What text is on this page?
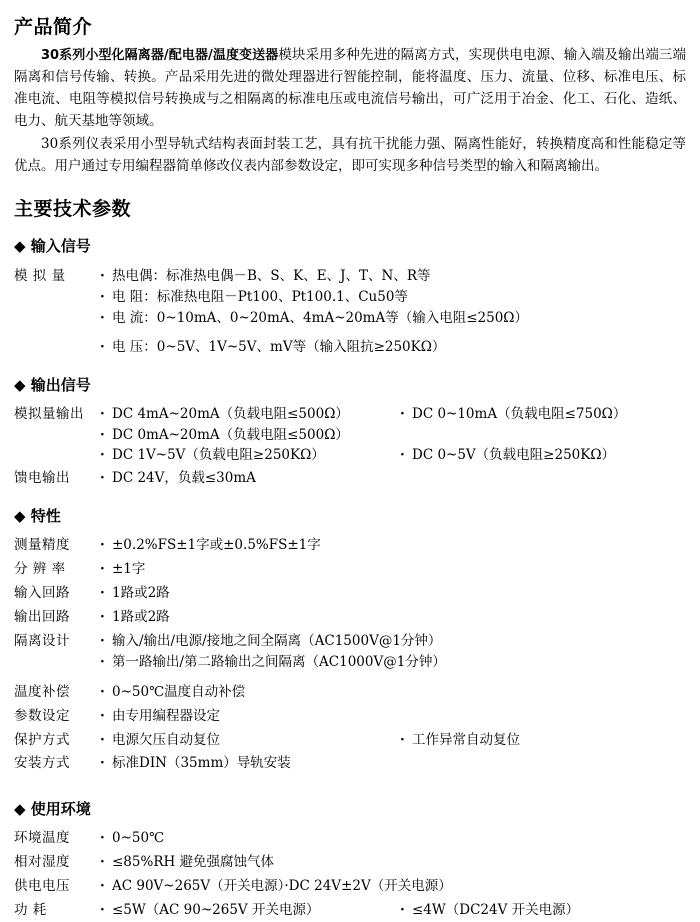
产品简介

30系列小型化隔离器/配电器/温度变送器模块采用多种先进的隔离方式，实现供电电源、输入端及输出端三端隔离和信号传输、转换。产品采用先进的微处理器进行智能控制，能将温度、压力、流量、位移、标准电压、标准电流、电阻等模拟信号转换成与之相隔离的标准电压或电流信号输出，可广泛用于冶金、化工、石化、造纸、电力、航天基地等领域。

30系列仪表采用小型导轨式结构表面封装工艺，具有抗干扰能力强、隔离性能好，转换精度高和性能稳定等优点。用户通过专用编程器简单修改仪表内部参数设定，即可实现多种信号类型的输入和隔离输出。

主要技术参数
◆ 输入信号
模 拟 量	· 热电偶：标准热电偶－B、S、K、E、J、T、N、R等
· 电 阻：标准热电阻－Pt100、Pt100.1、Cu50等
· 电 流：0~10mA、0~20mA、4mA~20mA等（输入电阻≤250Ω）

	· 电 压：0~5V、1V~5V、mV等（输入阻抗≥250KΩ）
◆ 输出信号
模拟量输出	· DC 4mA~20mA（负载电阻≤500Ω） · DC 0~10mA（负载电阻≤750Ω）
· DC 0mA~20mA（负载电阻≤500Ω）
· DC 1V~5V（负载电阻≥250KΩ） · DC 0~5V（负载电阻≥250KΩ）

馈电输出	· DC 24V，负载≤30mA
◆ 特性
测量精度	· ±0.2%FS±1字或±0.5%FS±1字

分 辨 率	· ±1字

输入回路	· 1路或2路

输出回路	· 1路或2路

隔离设计	· 输入/输出/电源/接地之间全隔离（AC1500V@1分钟）
· 第一路输出/第二路输出之间隔离（AC1000V@1分钟）

温度补偿	· 0~50℃温度自动补偿

参数设定	· 由专用编程器设定

保护方式	· 电源欠压自动复位 · 工作异常自动复位

安装方式	· 标准DIN（35mm）导轨安装
◆ 使用环境
环境温度	· 0~50℃

相对湿度	· ≤85%RH 避免强腐蚀气体

供电电压	· AC 90V~265V（开关电源）·DC 24V±2V（开关电源）

功 耗	· ≤5W（AC 90~265V 开关电源） · ≤4W（DC24V 开关电源）
